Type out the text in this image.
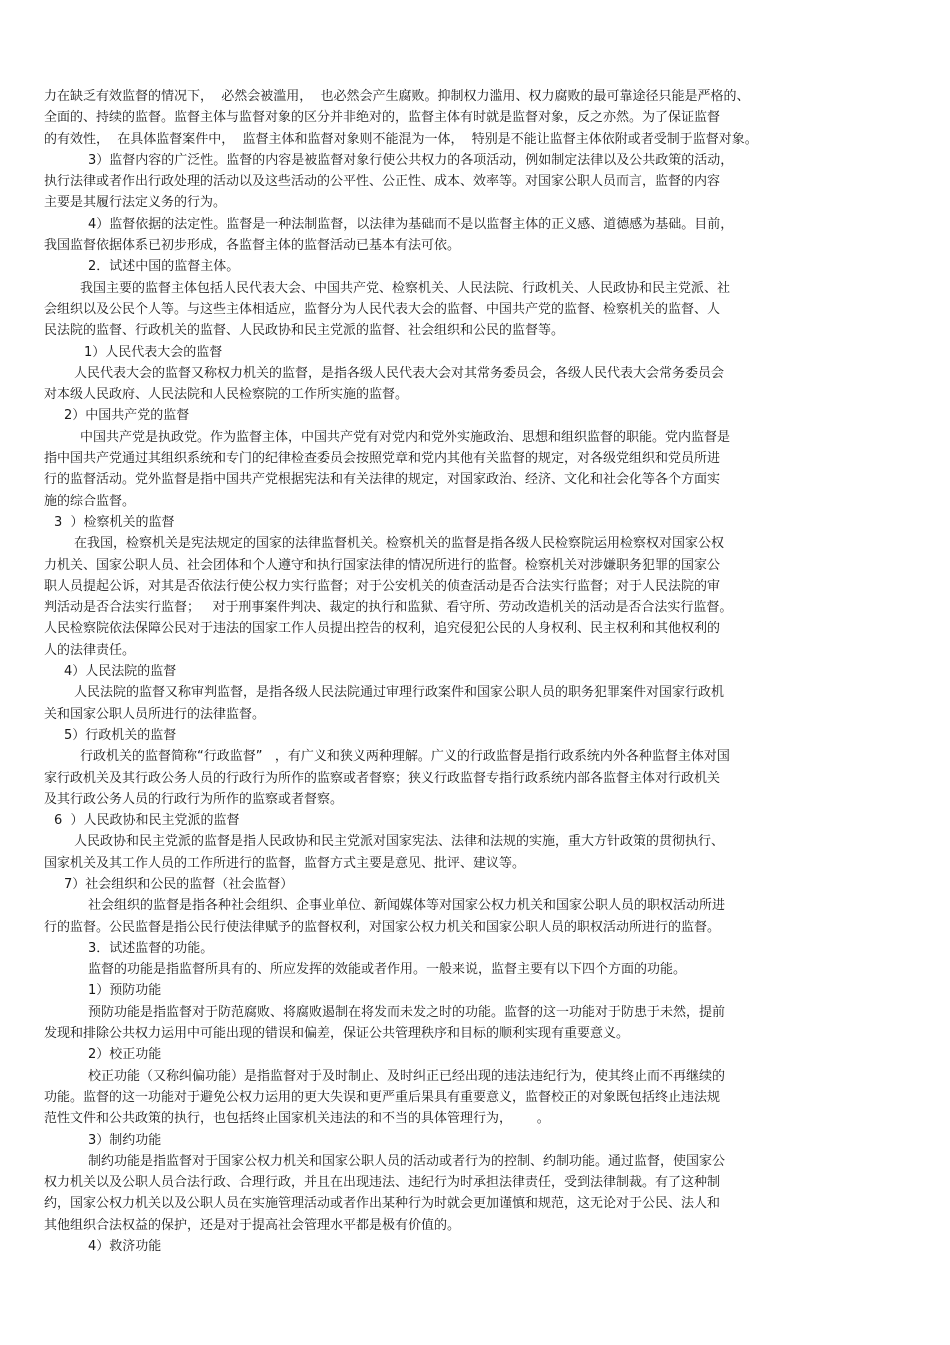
力在缺乏有效监督的情况下，  必然会被滥用，  也必然会产生腐败。抑制权力滥用、权力腐败的最可靠途径只能是严格的、
全面的、持续的监督。监督主体与监督对象的区分并非绝对的，监督主体有时就是监督对象，反之亦然。为了保证监督
的有效性，  在具体监督案件中，  监督主体和监督对象则不能混为一体，  特别是不能让监督主体依附或者受制于监督对象。
3）监督内容的广泛性。监督的内容是被监督对象行使公共权力的各项活动，例如制定法律以及公共政策的活动，
执行法律或者作出行政处理的活动以及这些活动的公平性、公正性、成本、效率等。对国家公职人员而言，监督的内容
主要是其履行法定义务的行为。
4）监督依据的法定性。监督是一种法制监督，以法律为基础而不是以监督主体的正义感、道德感为基础。目前，
我国监督依据体系已初步形成，各监督主体的监督活动已基本有法可依。
2．试述中国的监督主体。
我国主要的监督主体包括人民代表大会、中国共产党、检察机关、人民法院、行政机关、人民政协和民主党派、社
会组织以及公民个人等。与这些主体相适应，监督分为人民代表大会的监督、中国共产党的监督、检察机关的监督、人
民法院的监督、行政机关的监督、人民政协和民主党派的监督、社会组织和公民的监督等。
1）人民代表大会的监督
人民代表大会的监督又称权力机关的监督，是指各级人民代表大会对其常务委员会，各级人民代表大会常务委员会
对本级人民政府、人民法院和人民检察院的工作所实施的监督。
2）中国共产党的监督
中国共产党是执政党。作为监督主体，中国共产党有对党内和党外实施政治、思想和组织监督的职能。党内监督是
指中国共产党通过其组织系统和专门的纪律检查委员会按照党章和党内其他有关监督的规定，对各级党组织和党员所进
行的监督活动。党外监督是指中国共产党根据宪法和有关法律的规定，对国家政治、经济、文化和社会化等各个方面实
施的综合监督。
3  ）检察机关的监督
在我国，检察机关是宪法规定的国家的法律监督机关。检察机关的监督是指各级人民检察院运用检察权对国家公权
力机关、国家公职人员、社会团体和个人遵守和执行国家法律的情况所进行的监督。检察机关对涉嫌职务犯罪的国家公
职人员提起公诉，对其是否依法行使公权力实行监督；对于公安机关的侦查活动是否合法实行监督；对于人民法院的审
判活动是否合法实行监督；   对于刑事案件判决、裁定的执行和监狱、看守所、劳动改造机关的活动是否合法实行监督。
人民检察院依法保障公民对于违法的国家工作人员提出控告的权利，追究侵犯公民的人身权利、民主权利和其他权利的
人的法律责任。
4）人民法院的监督
人民法院的监督又称审判监督，是指各级人民法院通过审理行政案件和国家公职人员的职务犯罪案件对国家行政机
关和国家公职人员所进行的法律监督。
5）行政机关的监督
行政机关的监督简称“行政监督”   ，有广义和狭义两种理解。广义的行政监督是指行政系统内外各种监督主体对国
家行政机关及其行政公务人员的行政行为所作的监察或者督察；狭义行政监督专指行政系统内部各监督主体对行政机关
及其行政公务人员的行政行为所作的监察或者督察。
6  ）人民政协和民主党派的监督
人民政协和民主党派的监督是指人民政协和民主党派对国家宪法、法律和法规的实施，重大方针政策的贯彻执行、
国家机关及其工作人员的工作所进行的监督，监督方式主要是意见、批评、建议等。
7）社会组织和公民的监督（社会监督）
社会组织的监督是指各种社会组织、企事业单位、新闻媒体等对国家公权力机关和国家公职人员的职权活动所进
行的监督。公民监督是指公民行使法律赋予的监督权利，对国家公权力机关和国家公职人员的职权活动所进行的监督。
3．试述监督的功能。
监督的功能是指监督所具有的、所应发挥的效能或者作用。一般来说，监督主要有以下四个方面的功能。
1）预防功能
预防功能是指监督对于防范腐败、将腐败遏制在将发而未发之时的功能。监督的这一功能对于防患于未然，提前
发现和排除公共权力运用中可能出现的错误和偏差，保证公共管理秩序和目标的顺利实现有重要意义。
2）校正功能
校正功能（又称纠偏功能）是指监督对于及时制止、及时纠正已经出现的违法违纪行为，使其终止而不再继续的
功能。监督的这一功能对于避免公权力运用的更大失误和更严重后果具有重要意义，监督校正的对象既包括终止违法规
范性文件和公共政策的执行，也包括终止国家机关违法的和不当的具体管理行为，      。
3）制约功能
制约功能是指监督对于国家公权力机关和国家公职人员的活动或者行为的控制、约制功能。通过监督，使国家公
权力机关以及公职人员合法行政、合理行政，并且在出现违法、违纪行为时承担法律责任，受到法律制裁。有了这种制
约，国家公权力机关以及公职人员在实施管理活动或者作出某种行为时就会更加谨慎和规范，这无论对于公民、法人和
其他组织合法权益的保护，还是对于提高社会管理水平都是极有价值的。
4）救济功能
